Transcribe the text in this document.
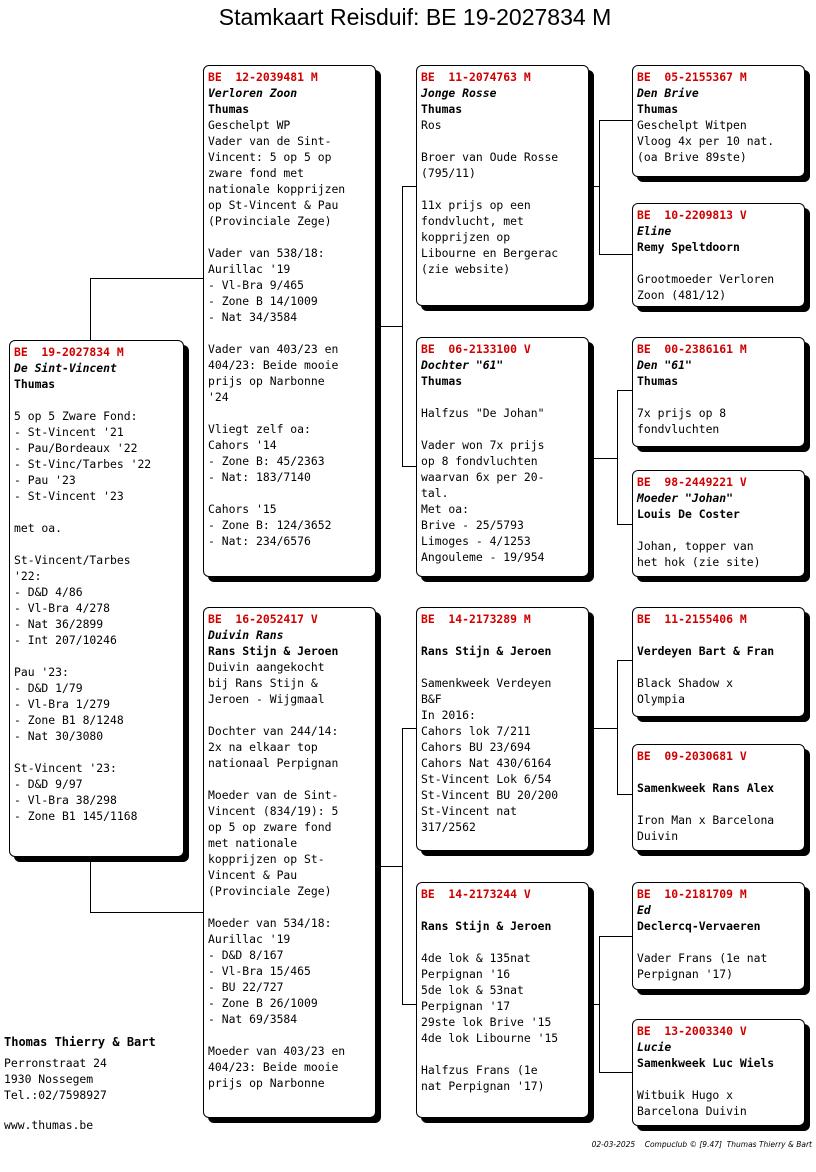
Stamkaart Reisduif: BE 19-2027834 M
BE  19-2027834 M
De Sint-Vincent
Thumas

5 op 5 Zware Fond:
- St-Vincent '21
- Pau/Bordeaux '22
- St-Vinc/Tarbes '22
- Pau '23
- St-Vincent '23

met oa.

St-Vincent/Tarbes
'22:
- D&D 4/86
- Vl-Bra 4/278
- Nat 36/2899
- Int 207/10246

Pau '23:
- D&D 1/79
- Vl-Bra 1/279
- Zone B1 8/1248
- Nat 30/3080

St-Vincent '23:
- D&D 9/97
- Vl-Bra 38/298
- Zone B1 145/1168
BE  12-2039481 M
Verloren Zoon
Thumas
Geschelpt WP
Vader van de Sint-
Vincent: 5 op 5 op
zware fond met
nationale kopprijzen
op St-Vincent & Pau
(Provinciale Zege)

Vader van 538/18:
Aurillac '19
- Vl-Bra 9/465
- Zone B 14/1009
- Nat 34/3584

Vader van 403/23 en
404/23: Beide mooie
prijs op Narbonne
'24

Vliegt zelf oa:
Cahors '14
- Zone B: 45/2363
- Nat: 183/7140

Cahors '15
- Zone B: 124/3652
- Nat: 234/6576
BE  16-2052417 V
Duivin Rans
Rans Stijn & Jeroen
Duivin aangekocht
bij Rans Stijn &
Jeroen - Wijgmaal

Dochter van 244/14:
2x na elkaar top
nationaal Perpignan

Moeder van de Sint-
Vincent (834/19): 5
op 5 op zware fond
met nationale
kopprijzen op St-
Vincent & Pau
(Provinciale Zege)

Moeder van 534/18:
Aurillac '19
- D&D 8/167
- Vl-Bra 15/465
- BU 22/727
- Zone B 26/1009
- Nat 69/3584

Moeder van 403/23 en
404/23: Beide mooie
prijs op Narbonne
BE  11-2074763 M
Jonge Rosse
Thumas
Ros

Broer van Oude Rosse
(795/11)

11x prijs op een
fondvlucht, met
kopprijzen op
Libourne en Bergerac
(zie website)
BE  06-2133100 V
Dochter "61"
Thumas

Halfzus "De Johan"

Vader won 7x prijs
op 8 fondvluchten
waarvan 6x per 20-
tal.
Met oa:
Brive - 25/5793
Limoges - 4/1253
Angouleme - 19/954
BE  14-2173289 M
Rans Stijn & Jeroen

Samenkweek Verdeyen
B&F
In 2016:
Cahors lok 7/211
Cahors BU 23/694
Cahors Nat 430/6164
St-Vincent Lok 6/54
St-Vincent BU 20/200
St-Vincent nat
317/2562
BE  14-2173244 V
Rans Stijn & Jeroen

4de lok & 135nat
Perpignan '16
5de lok & 53nat
Perpignan '17
29ste lok Brive '15
4de lok Libourne '15

Halfzus Frans (1e
nat Perpignan '17)
BE  05-2155367 M
Den Brive
Thumas
Geschelpt Witpen
Vloog 4x per 10 nat.
(oa Brive 89ste)
BE  10-2209813 V
Eline
Remy Speltdoorn

Grootmoeder Verloren
Zoon (481/12)
BE  00-2386161 M
Den "61"
Thumas

7x prijs op 8
fondvluchten
BE  98-2449221 V
Moeder "Johan"
Louis De Coster

Johan, topper van
het hok (zie site)
BE  11-2155406 M
Verdeyen Bart & Fran

Black Shadow x
Olympia
BE  09-2030681 V
Samenkweek Rans Alex

Iron Man x Barcelona
Duivin
BE  10-2181709 M
Ed
Declercq-Vervaeren

Vader Frans (1e nat
Perpignan '17)
BE  13-2003340 V
Lucie
Samenkweek Luc Wiels

Witbuik Hugo x
Barcelona Duivin
Thomas Thierry & Bart
Perronstraat 24
1930 Nossegem
Tel.:02/7598927
www.thumas.be
02-03-2025    Compuclub © [9.47]  Thumas Thierry & Bart
